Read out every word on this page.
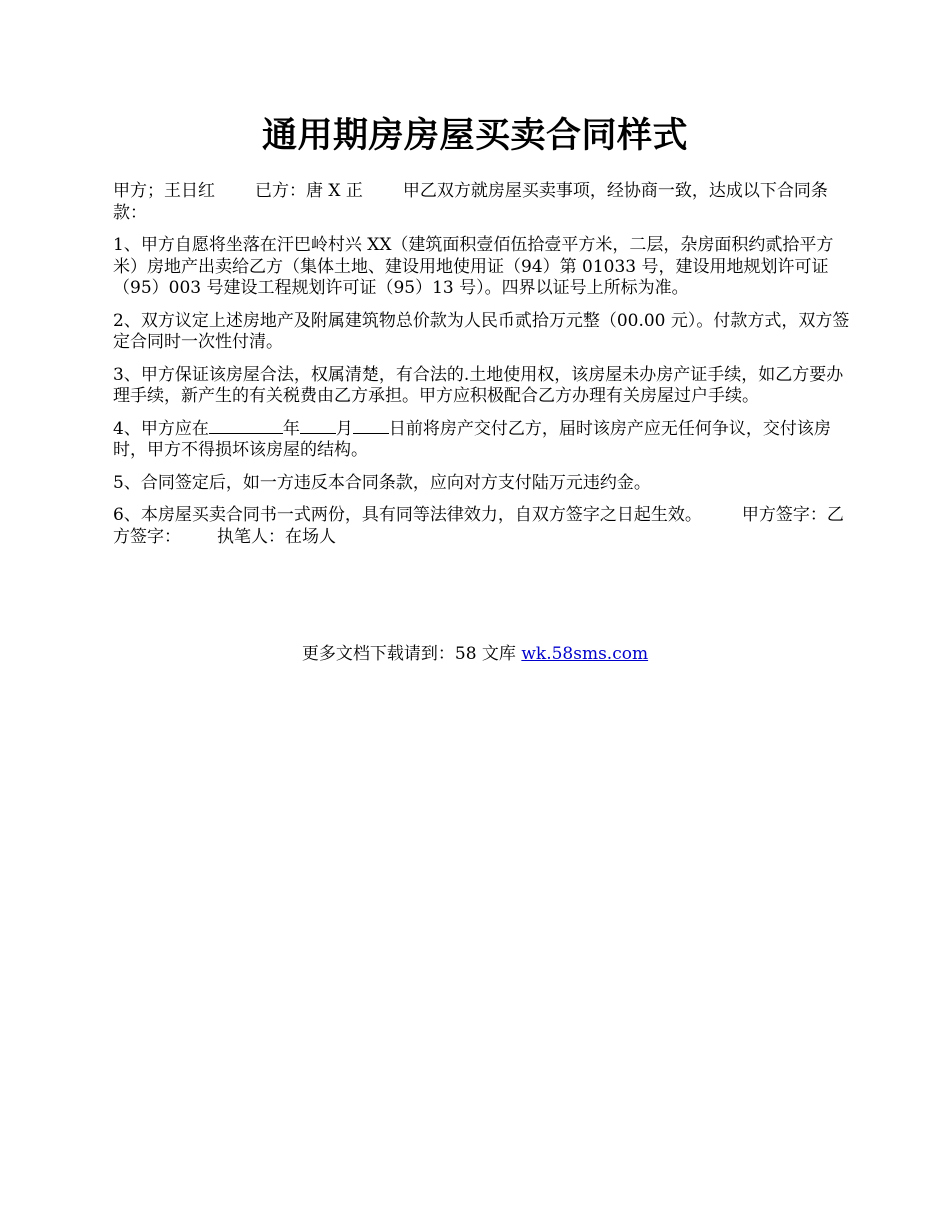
通用期房房屋买卖合同样式

甲方；王日红 已方：唐 X 正 甲乙双方就房屋买卖事项，经协商一致，达成以下合同条款：

1、甲方自愿将坐落在汗巴岭村兴 XX（建筑面积壹佰伍拾壹平方米，二层，杂房面积约贰拾平方米）房地产出卖给乙方（集体土地、建设用地使用证（94）第 01033 号，建设用地规划许可证（95）003 号建设工程规划许可证（95）13 号）。四界以证号上所标为准。

2、双方议定上述房地产及附属建筑物总价款为人民币贰拾万元整（00.00 元）。付款方式，双方签定合同时一次性付清。

3、甲方保证该房屋合法，权属清楚，有合法的.土地使用权，该房屋未办房产证手续，如乙方要办理手续，新产生的有关税费由乙方承担。甲方应积极配合乙方办理有关房屋过户手续。

4、甲方应在	年 月 日前将房产交付乙方，届时该房产应无任何争议，交付该房时，甲方不得损坏该房屋的结构。

5、合同签定后，如一方违反本合同条款，应向对方支付陆万元违约金。

6、本房屋买卖合同书一式两份，具有同等法律效力，自双方签字之日起生效。 甲方签字：乙方签字： 执笔人：在场人

更多文档下载请到：58 文库 wk.58sms.com
